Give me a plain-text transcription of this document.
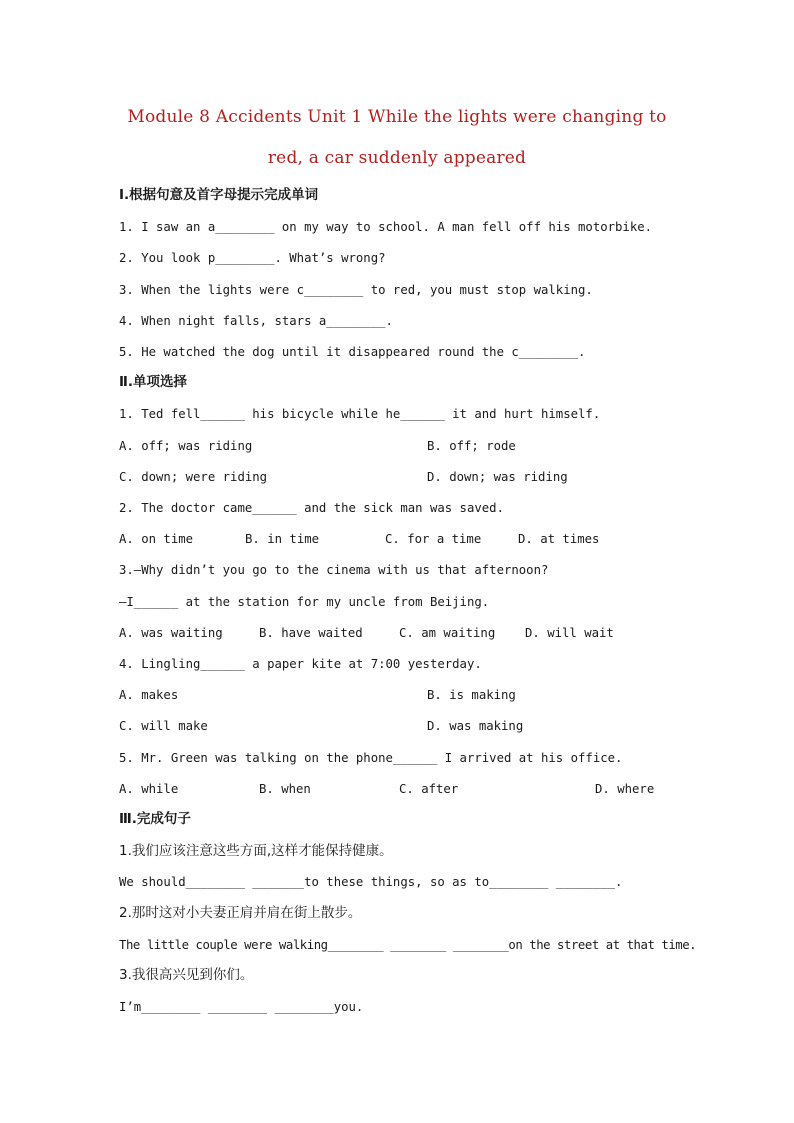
Module 8 Accidents Unit 1 While the lights were changing to
red, a car suddenly appeared
Ⅰ.根据句意及首字母提示完成单词
1. I saw an a________ on my way to school. A man fell off his motorbike.
2. You look p________. What’s wrong?
3. When the lights were c________ to red, you must stop walking.
4. When night falls, stars a________.
5. He watched the dog until it disappeared round the c________.
Ⅱ.单项选择
1. Ted fell______ his bicycle while he______ it and hurt himself.
A. off; was riding	B. off; rode
C. down; were riding	D. down; was riding
2. The doctor came______ and the sick man was saved.
A. on time	B. in time	C. for a time	D. at times
3.—Why didn’t you go to the cinema with us that afternoon?
—I______ at the station for my uncle from Beijing.
A. was waiting	B. have waited	C. am waiting D. will wait
4. Lingling______ a paper kite at 7:00 yesterday.
A. makes	B. is making
C. will make	D. was making
5. Mr. Green was talking on the phone______ I arrived at his office.
A. while	B. when	C. after	D. where
Ⅲ.完成句子
1.我们应该注意这些方面,这样才能保持健康。
We should________ _______to these things, so as to________ ________.
2.那时这对小夫妻正肩并肩在街上散步。
The little couple were walking________ ________ ________on the street at that time.
3.我很高兴见到你们。
I’m________ ________ ________you.
